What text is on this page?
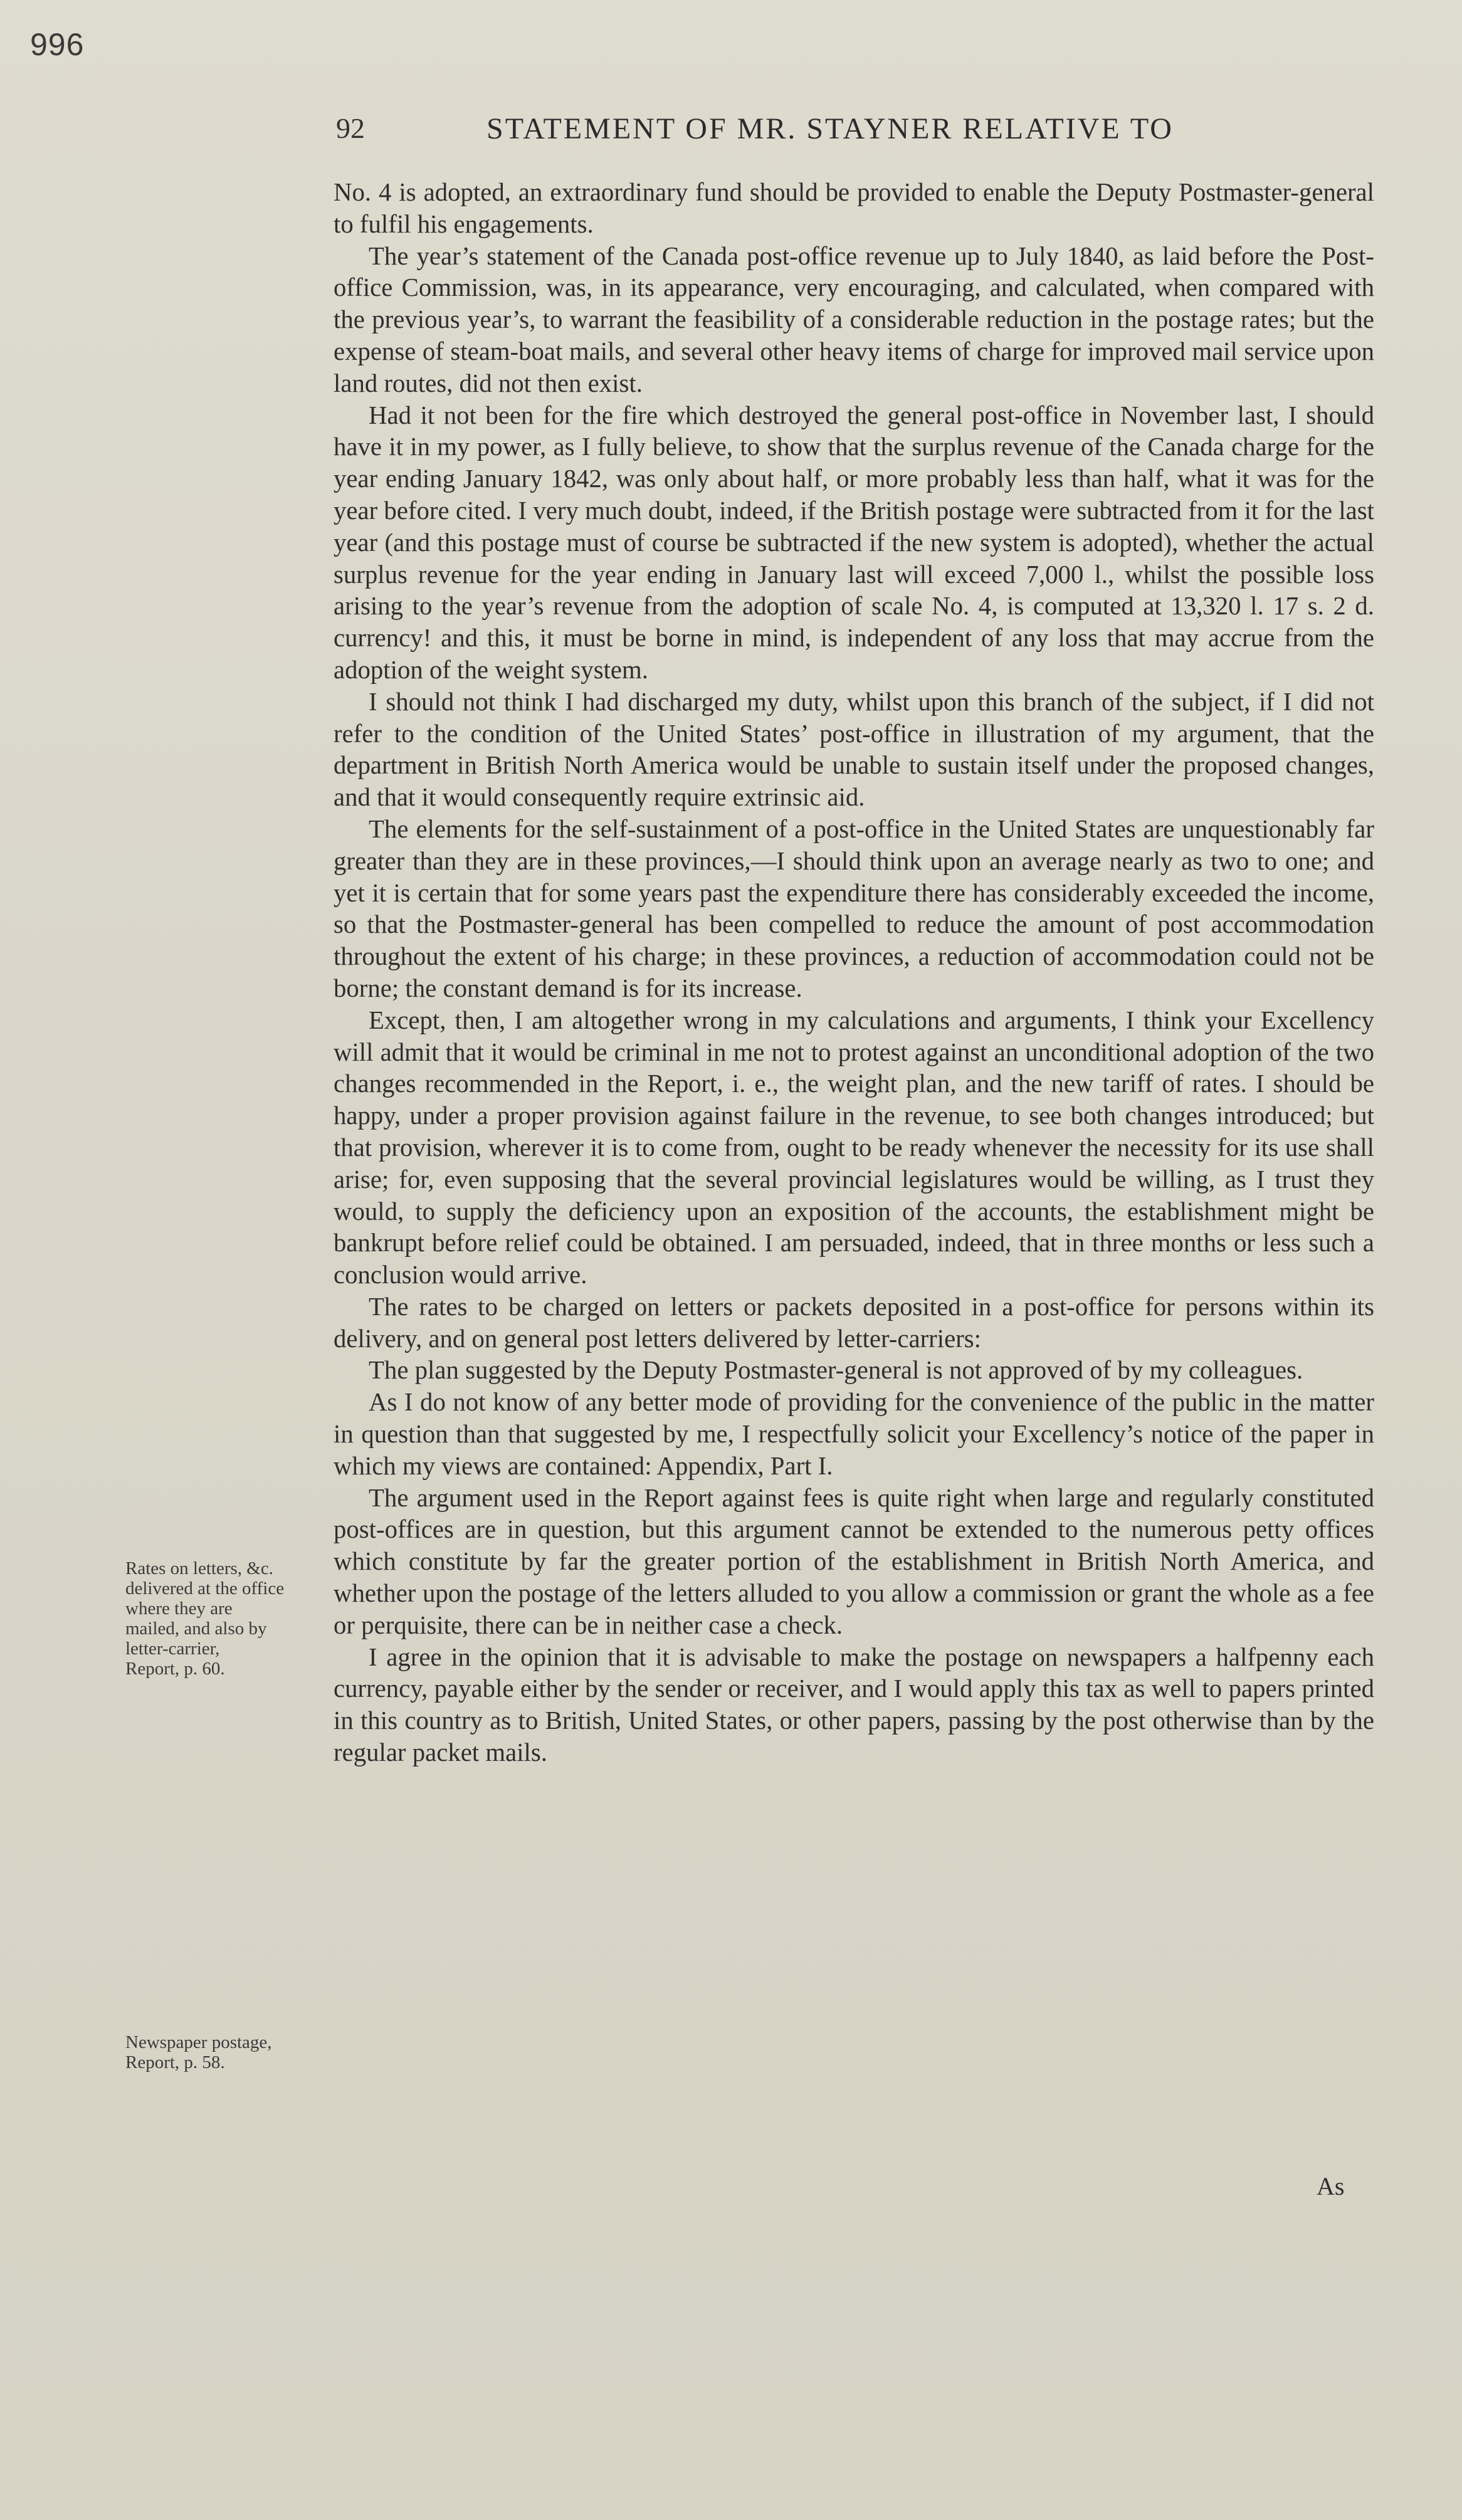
996
92	STATEMENT OF MR. STAYNER RELATIVE TO

No. 4 is adopted, an extraordinary fund should be provided to enable the Deputy Postmaster-general to fulfil his engagements.

The year’s statement of the Canada post-office revenue up to July 1840, as laid before the Post-office Commission, was, in its appearance, very encouraging, and calculated, when compared with the previous year’s, to warrant the feasibility of a considerable reduction in the postage rates; but the expense of steam-boat mails, and several other heavy items of charge for improved mail service upon land routes, did not then exist.

Had it not been for the fire which destroyed the general post-office in November last, I should have it in my power, as I fully believe, to show that the surplus revenue of the Canada charge for the year ending January 1842, was only about half, or more probably less than half, what it was for the year before cited. I very much doubt, indeed, if the British postage were subtracted from it for the last year (and this postage must of course be subtracted if the new system is adopted), whether the actual surplus revenue for the year ending in January last will exceed 7,000 l., whilst the possible loss arising to the year’s revenue from the adoption of scale No. 4, is computed at 13,320 l. 17 s. 2 d. currency! and this, it must be borne in mind, is independent of any loss that may accrue from the adoption of the weight system.

I should not think I had discharged my duty, whilst upon this branch of the subject, if I did not refer to the condition of the United States’ post-office in illustration of my argument, that the department in British North America would be unable to sustain itself under the proposed changes, and that it would consequently require extrinsic aid.

The elements for the self-sustainment of a post-office in the United States are unquestionably far greater than they are in these provinces,—I should think upon an average nearly as two to one; and yet it is certain that for some years past the expenditure there has considerably exceeded the income, so that the Postmaster-general has been compelled to reduce the amount of post accommodation throughout the extent of his charge; in these provinces, a reduction of accommodation could not be borne; the constant demand is for its increase.

Except, then, I am altogether wrong in my calculations and arguments, I think your Excellency will admit that it would be criminal in me not to protest against an unconditional adoption of the two changes recommended in the Report, i. e., the weight plan, and the new tariff of rates. I should be happy, under a proper provision against failure in the revenue, to see both changes introduced; but that provision, wherever it is to come from, ought to be ready whenever the necessity for its use shall arise; for, even supposing that the several provincial legislatures would be willing, as I trust they would, to supply the deficiency upon an exposition of the accounts, the establishment might be bankrupt before relief could be obtained. I am persuaded, indeed, that in three months or less such a conclusion would arrive.

The rates to be charged on letters or packets deposited in a post-office for persons within its delivery, and on general post letters delivered by letter-carriers:

The plan suggested by the Deputy Postmaster-general is not approved of by my colleagues.

As I do not know of any better mode of providing for the convenience of the public in the matter in question than that suggested by me, I respectfully solicit your Excellency’s notice of the paper in which my views are contained: Appendix, Part I.

The argument used in the Report against fees is quite right when large and regularly constituted post-offices are in question, but this argument cannot be extended to the numerous petty offices which constitute by far the greater portion of the establishment in British North America, and whether upon the postage of the letters alluded to you allow a commission or grant the whole as a fee or perquisite, there can be in neither case a check.

I agree in the opinion that it is advisable to make the postage on newspapers a halfpenny each currency, payable either by the sender or receiver, and I would apply this tax as well to papers printed in this country as to British, United States, or other papers, passing by the post otherwise than by the regular packet mails.

As
Rates on letters, &c.
delivered at the office
where they are
mailed, and also by
letter-carrier,
Report, p. 60.
Newspaper postage,
Report, p. 58.
